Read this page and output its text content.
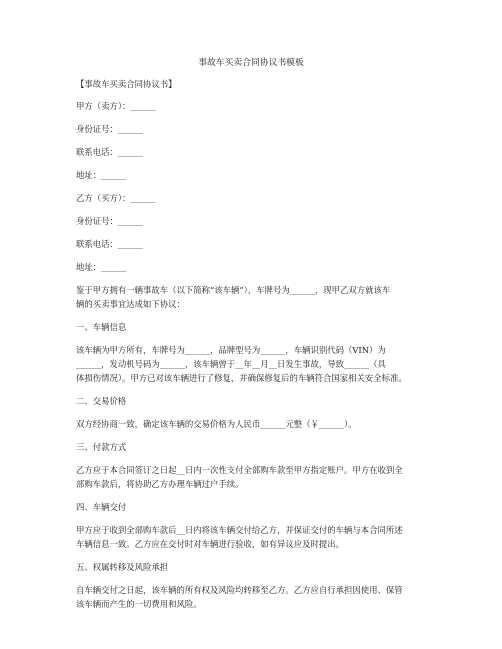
事故车买卖合同协议书模板
【事故车买卖合同协议书】
甲方（卖方）：______
身份证号：______
联系电话：______
地址：______
乙方（买方）：______
身份证号：______
联系电话：______
地址：______
鉴于甲方拥有一辆事故车（以下简称“该车辆”），车牌号为______，现甲乙双方就该车
辆的买卖事宜达成如下协议：
一、车辆信息
该车辆为甲方所有，车牌号为______，品牌型号为______，车辆识别代码（VIN）为
______，发动机号码为______，该车辆曾于__年__月__日发生事故，导致______（具
体损伤情况）。甲方已对该车辆进行了修复，并确保修复后的车辆符合国家相关安全标准。
二、交易价格
双方经协商一致，确定该车辆的交易价格为人民币______元整（￥______）。
三、付款方式
乙方应于本合同签订之日起__日内一次性支付全部购车款至甲方指定账户。甲方在收到全
部购车款后，将协助乙方办理车辆过户手续。
四、车辆交付
甲方应于收到全部购车款后__日内将该车辆交付给乙方，并保证交付的车辆与本合同所述
车辆信息一致。乙方应在交付时对车辆进行验收，如有异议应及时提出。
五、权属转移及风险承担
自车辆交付之日起，该车辆的所有权及风险均转移至乙方。乙方应自行承担因使用、保管
该车辆而产生的一切费用和风险。
